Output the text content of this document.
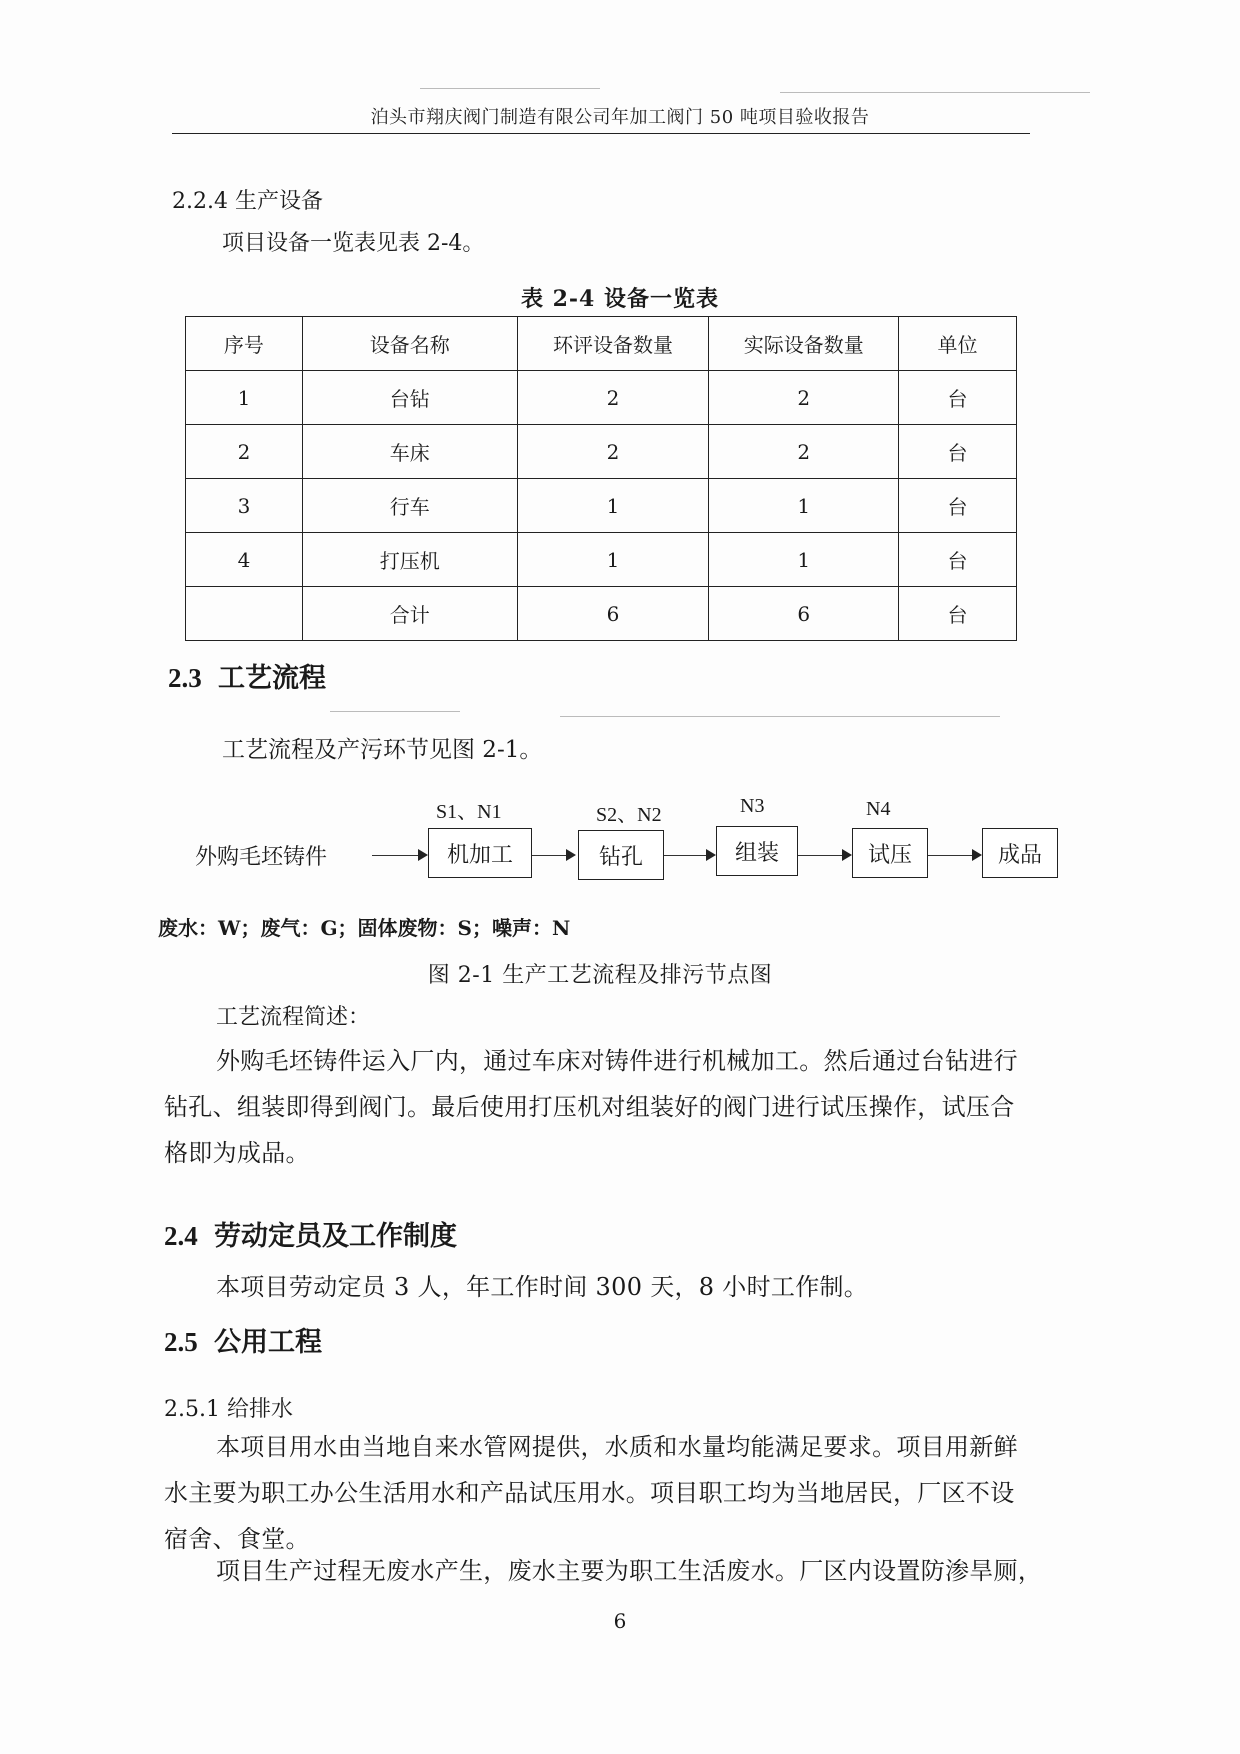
泊头市翔庆阀门制造有限公司年加工阀门 50 吨项目验收报告
2.2.4 生产设备
项目设备一览表见表 2-4。
表 2-4 设备一览表
序号	设备名称	环评设备数量	实际设备数量	单位
1	台钻	2	2	台
2	车床	2	2	台
3	行车	1	1	台
4	打压机	1	1	台
	合计	6	6	台
2.3 工艺流程
工艺流程及产污环节见图 2-1。
外购毛坯铸件
S1、N1
机加工
S2、N2
钻孔
N3
组装
N4
试压	成品
废水：W；废气：G；固体废物：S；噪声：N
图 2-1 生产工艺流程及排污节点图
工艺流程简述：
外购毛坯铸件运入厂内，通过车床对铸件进行机械加工。然后通过台钻进行
钻孔、组装即得到阀门。最后使用打压机对组装好的阀门进行试压操作，试压合
格即为成品。
2.4 劳动定员及工作制度
本项目劳动定员 3 人，年工作时间 300 天，8 小时工作制。
2.5 公用工程
2.5.1 给排水
本项目用水由当地自来水管网提供，水质和水量均能满足要求。项目用新鲜
水主要为职工办公生活用水和产品试压用水。项目职工均为当地居民，厂区不设
宿舍、食堂。
项目生产过程无废水产生，废水主要为职工生活废水。厂区内设置防渗旱厕，
6
